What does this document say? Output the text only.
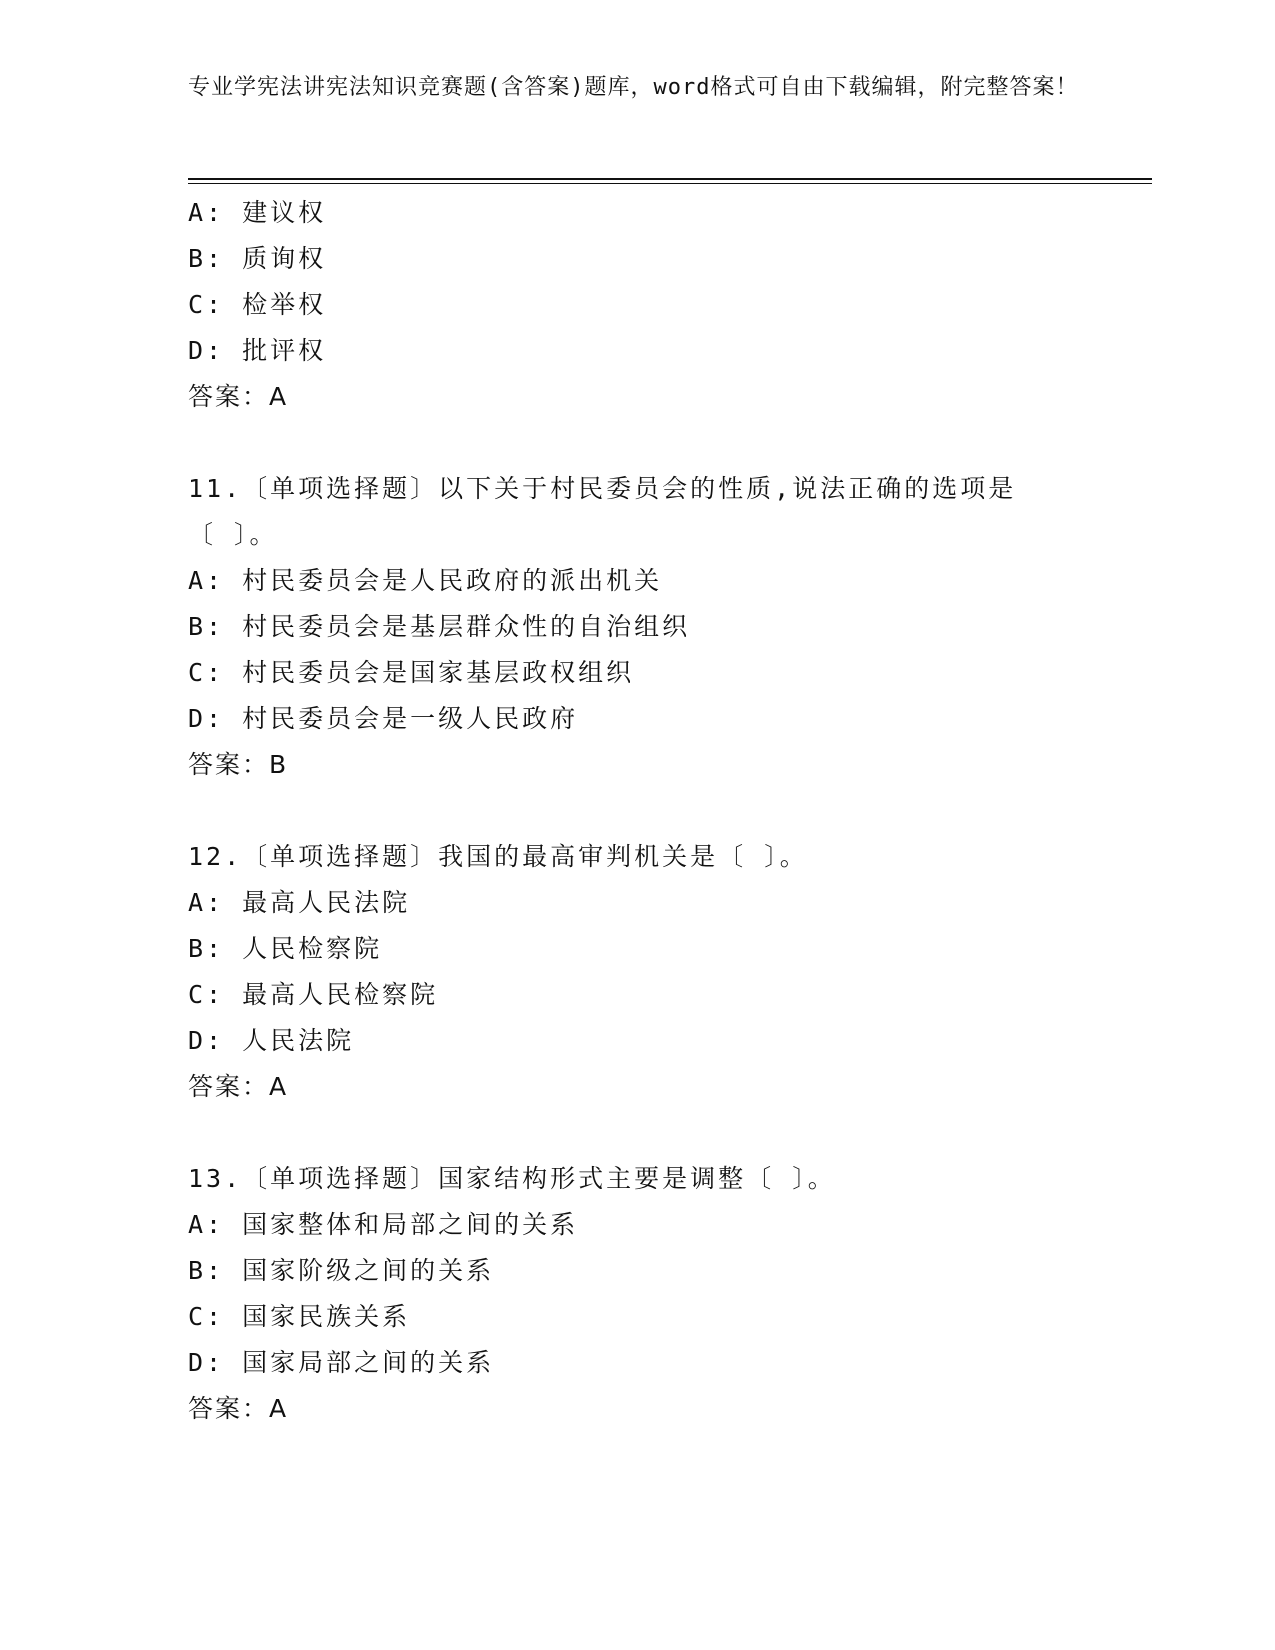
专业学宪法讲宪法知识竞赛题(含答案)题库，word格式可自由下载编辑，附完整答案！
A: 建议权
B: 质询权
C: 检举权
D: 批评权
答案：A
11.〔单项选择题〕以下关于村民委员会的性质,说法正确的选项是〔 〕。
A: 村民委员会是人民政府的派出机关
B: 村民委员会是基层群众性的自治组织
C: 村民委员会是国家基层政权组织
D: 村民委员会是一级人民政府
答案：B
12.〔单项选择题〕我国的最高审判机关是〔 〕。
A: 最高人民法院
B: 人民检察院
C: 最高人民检察院
D: 人民法院
答案：A
13.〔单项选择题〕国家结构形式主要是调整〔 〕。
A: 国家整体和局部之间的关系
B: 国家阶级之间的关系
C: 国家民族关系
D: 国家局部之间的关系
答案：A
